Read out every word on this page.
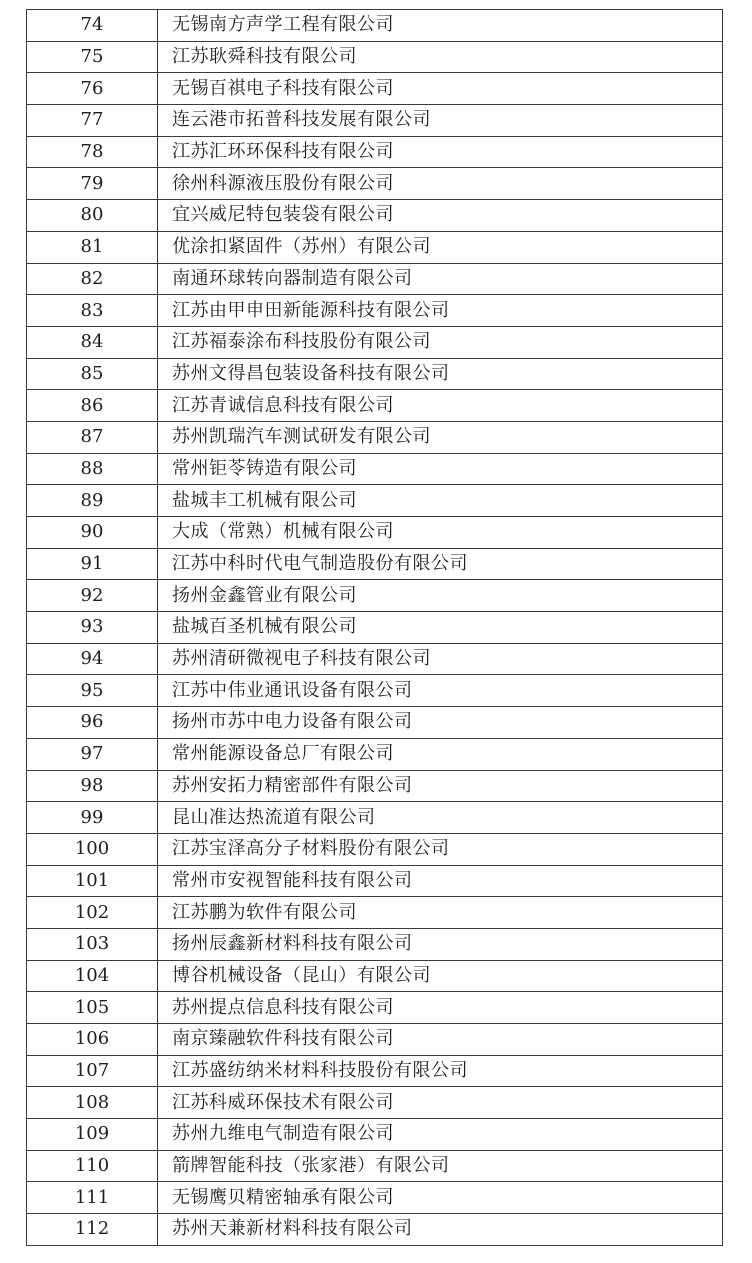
74	无锡南方声学工程有限公司
75	江苏耿舜科技有限公司
76	无锡百祺电子科技有限公司
77	连云港市拓普科技发展有限公司
78	江苏汇环环保科技有限公司
79	徐州科源液压股份有限公司
80	宜兴威尼特包装袋有限公司
81	优涂扣紧固件（苏州）有限公司
82	南通环球转向器制造有限公司
83	江苏由甲申田新能源科技有限公司
84	江苏福泰涂布科技股份有限公司
85	苏州文得昌包装设备科技有限公司
86	江苏青诚信息科技有限公司
87	苏州凯瑞汽车测试研发有限公司
88	常州钜苓铸造有限公司
89	盐城丰工机械有限公司
90	大成（常熟）机械有限公司
91	江苏中科时代电气制造股份有限公司
92	扬州金鑫管业有限公司
93	盐城百圣机械有限公司
94	苏州清研微视电子科技有限公司
95	江苏中伟业通讯设备有限公司
96	扬州市苏中电力设备有限公司
97	常州能源设备总厂有限公司
98	苏州安拓力精密部件有限公司
99	昆山准达热流道有限公司
100	江苏宝泽高分子材料股份有限公司
101	常州市安视智能科技有限公司
102	江苏鹏为软件有限公司
103	扬州辰鑫新材料科技有限公司
104	博谷机械设备（昆山）有限公司
105	苏州提点信息科技有限公司
106	南京臻融软件科技有限公司
107	江苏盛纺纳米材料科技股份有限公司
108	江苏科威环保技术有限公司
109	苏州九维电气制造有限公司
110	箭牌智能科技（张家港）有限公司
111	无锡鹰贝精密轴承有限公司
112	苏州天兼新材料科技有限公司
